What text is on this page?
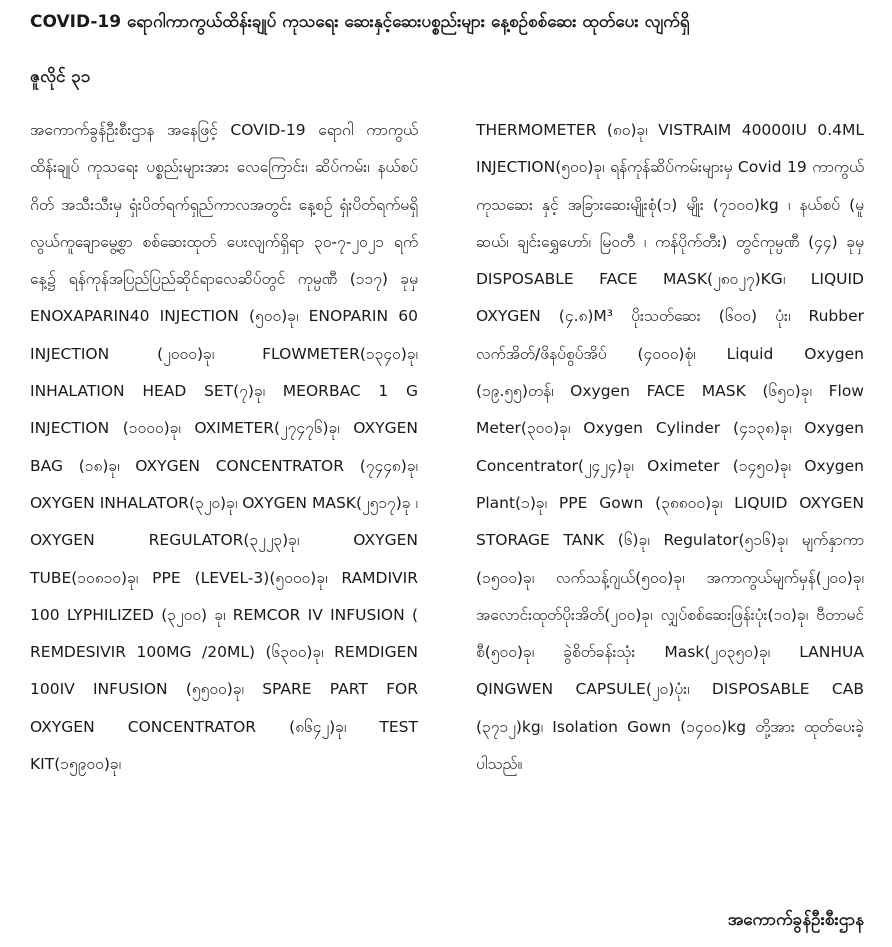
COVID-19 ရောဂါကာကွယ်ထိန်းချုပ် ကုသရေး ဆေးနှင့်ဆေးပစ္စည်းများ နေ့စဉ်စစ်ဆေး ထုတ်ပေး လျက်ရှိ
ဇူလိုင် ၃၁

အကောက်ခွန်ဦးစီးဌာန အနေဖြင့် COVID-19 ရောဂါ ကာကွယ်ထိန်းချုပ် ကုသရေး ပစ္စည်းများအား လေကြောင်း၊ ဆိပ်ကမ်း၊ နယ်စပ်ဂိတ် အသီးသီးမှ ရှံးပိတ်ရက်ရှည်ကာလအတွင်း နေ့စဉ် ရှံးပိတ်ရက်မရှိ လွယ်ကူချောမွေ့စွာ စစ်ဆေးထုတ် ပေးလျက်ရှိရာ ၃၀-၇-၂၀၂၁ ရက်နေ့၌ ရန်ကုန်အပြည်ပြည်ဆိုင်ရာလေဆိပ်တွင် ကုမ္ပဏီ (၁၁၇) ခုမှ ENOXAPARIN40 INJECTION (၅၀၀)ခု၊ ENOPARIN 60 INJECTION (၂၀၀၀)ခု၊ FLOWMETER(၁၃၄၀)ခု၊ INHALATION HEAD SET(၇)ခု၊ MEORBAC 1 G INJECTION (၁၀၀၀)ခု၊ OXIMETER(၂၇၄၇၆)ခု၊ OXYGEN BAG (၁၈)ခု၊ OXYGEN CONCENTRATOR (၇၄၄၈)ခု၊ OXYGEN INHALATOR(၃၂၀)ခု၊ OXYGEN MASK(၂၅၁၇)ခု ၊ OXYGEN REGULATOR(၃၂၂၃)ခု၊ OXYGEN TUBE(၁၀၈၁၀)ခု၊ PPE (LEVEL-3)(၅၀၀၀)ခု၊ RAMDIVIR 100 LYPHILIZED (၃၂၀၀) ခု၊ REMCOR IV INFUSION ( REMDESIVIR 100MG /20ML) (၆၃၀၀)ခု၊ REMDIGEN 100IV INFUSION (၅၅၀၀)ခု၊ SPARE PART FOR OXYGEN CONCENTRATOR (၈၆၄၂)ခု၊ TEST KIT(၁၅၉၀၀)ခု၊

THERMOMETER (၈၀)ခု၊ VISTRAIM 40000IU 0.4ML INJECTION(၅၀၀)ခု၊ ရန်ကုန်ဆိပ်ကမ်းများမှ Covid 19 ကာကွယ်ကုသဆေး နှင့် အခြားဆေးမျိုးစုံ(၁) မျိုး (၇၁၀၀)kg ၊ နယ်စပ် (မူဆယ်၊ ချင်းရွှေဟော်၊ မြဝတီ ၊ ကန်ပိုက်တီး) တွင်ကုမ္ပဏီ (၄၄) ခုမှ DISPOSABLE FACE MASK(၂၈၀၂၇)KG၊ LIQUID OXYGEN (၄.၈)M³ ပိုးသတ်ဆေး (၆၀၀) ပုံး၊ Rubber လက်အိတ်/ဖိနပ်စွပ်အိပ် (၄၀၀၀)စုံ၊ Liquid Oxygen (၁၉.၅၅)တန်၊ Oxygen FACE MASK (၆၅၀)ခု၊ Flow Meter(၃၀၀)ခု၊ Oxygen Cylinder (၄၁၃၈)ခု၊ Oxygen Concentrator(၂၄၂၄)ခု၊ Oximeter (၁၄၅၀)ခု၊ Oxygen Plant(၁)ခု၊ PPE Gown (၃၈၈၀၀)ခု၊ LIQUID OXYGEN STORAGE TANK (၆)ခု၊ Regulator(၅၁၆)ခု၊ မျက်နှာကာ (၁၅၀၀)ခု၊ လက်သန့်ဂျယ်(၅၀၀)ခု၊ အကာကွယ်မျက်မှန်(၂၀၀)ခု၊ အလောင်းထုတ်ပိုးအိတ်(၂၀၀)ခု၊ လျှပ်စစ်ဆေးဖြန်းပုံး(၁၀)ခု၊ ဗီတာမင်စီ(၅၀၀)ခု၊ ခွဲစိတ်ခန်းသုံး Mask(၂၀၃၅၀)ခု၊ LANHUA QINGWEN CAPSULE(၂၀)ပုံး၊ DISPOSABLE CAB (၃၇၁၂)kg၊ Isolation Gown (၁၄၀၀)kg တို့အား ထုတ်ပေးခဲ့ပါသည်။

အကောက်ခွန်ဦးစီးဌာန
